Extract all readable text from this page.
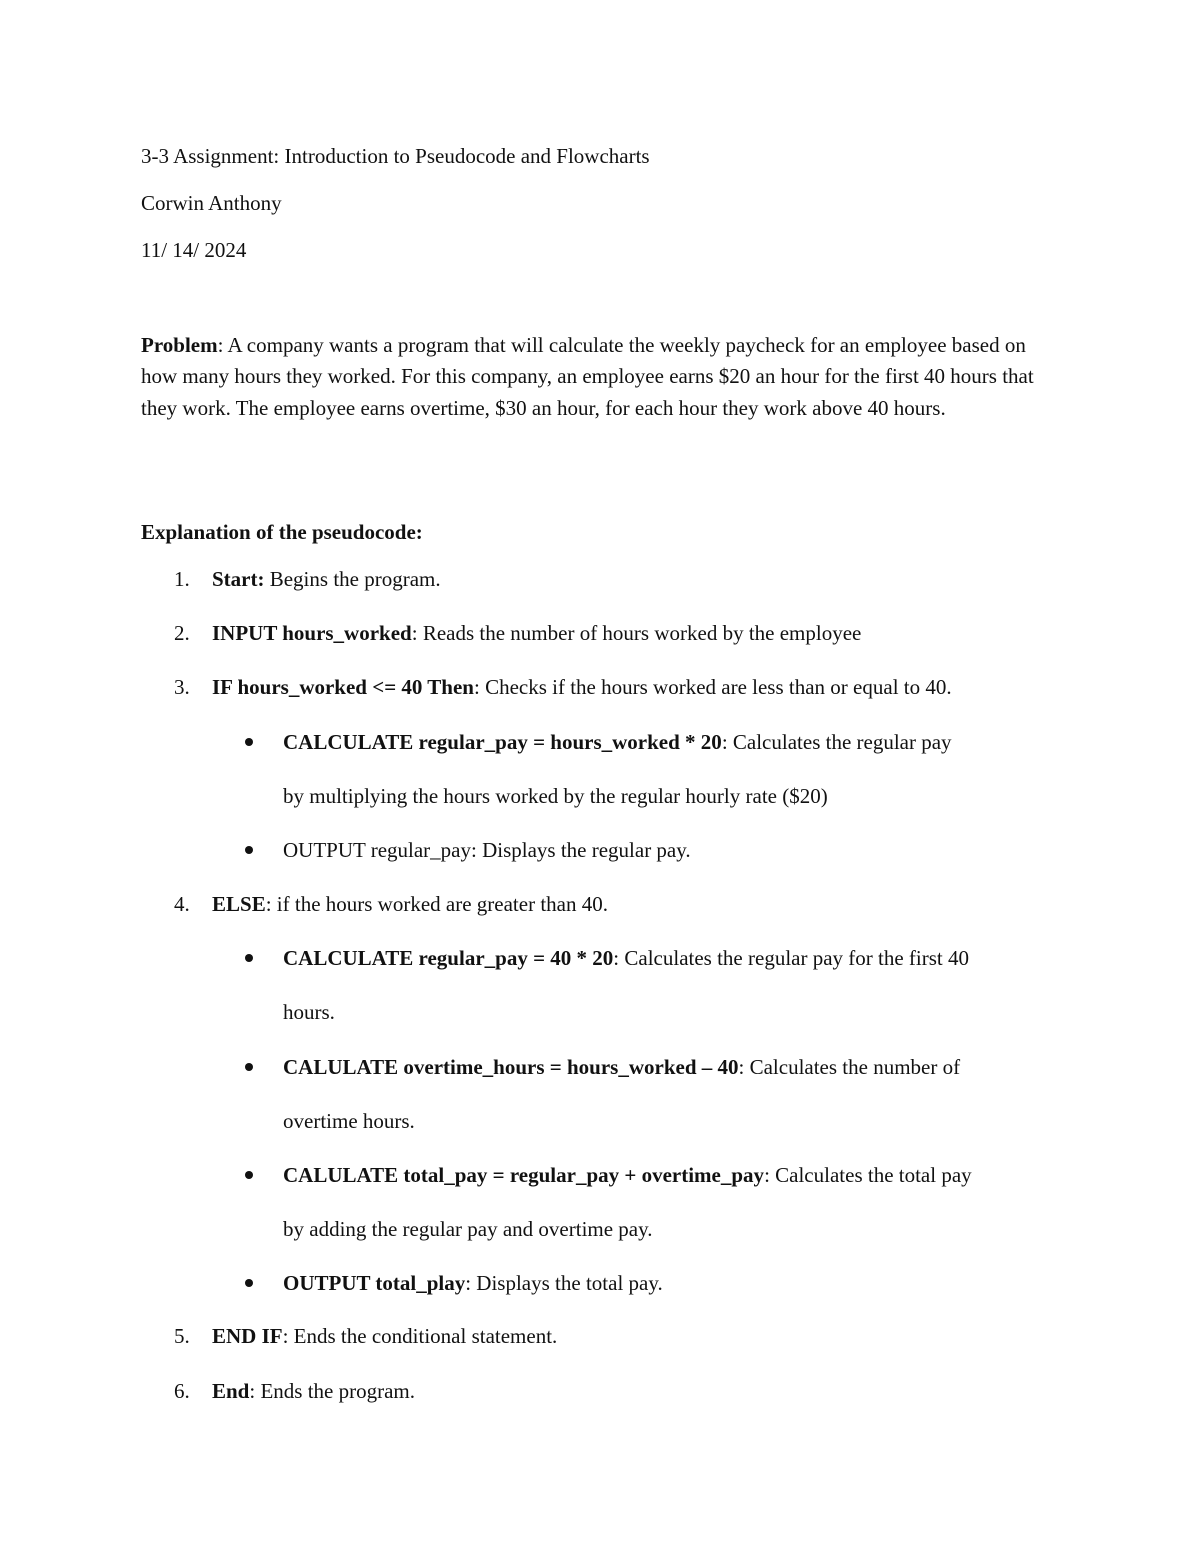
3-3 Assignment: Introduction to Pseudocode and Flowcharts
Corwin Anthony
11/ 14/ 2024

Problem: A company wants a program that will calculate the weekly paycheck for an employee based on how many hours they worked. For this company, an employee earns $20 an hour for the first 40 hours that they work. The employee earns overtime, $30 an hour, for each hour they work above 40 hours.

Explanation of the pseudocode:
1.	Start: Begins the program.
2.	INPUT hours_worked: Reads the number of hours worked by the employee
3.	IF hours_worked <= 40 Then: Checks if the hours worked are less than or equal to 40.
CALCULATE regular_pay = hours_worked * 20: Calculates the regular pay
by multiplying the hours worked by the regular hourly rate ($20)
OUTPUT regular_pay: Displays the regular pay.
4.	ELSE: if the hours worked are greater than 40.
CALCULATE regular_pay = 40 * 20: Calculates the regular pay for the first 40
hours.
CALULATE overtime_hours = hours_worked – 40: Calculates the number of
overtime hours.
CALULATE total_pay = regular_pay + overtime_pay: Calculates the total pay
by adding the regular pay and overtime pay.
OUTPUT total_play: Displays the total pay.
5.	END IF: Ends the conditional statement.
6.	End: Ends the program.
